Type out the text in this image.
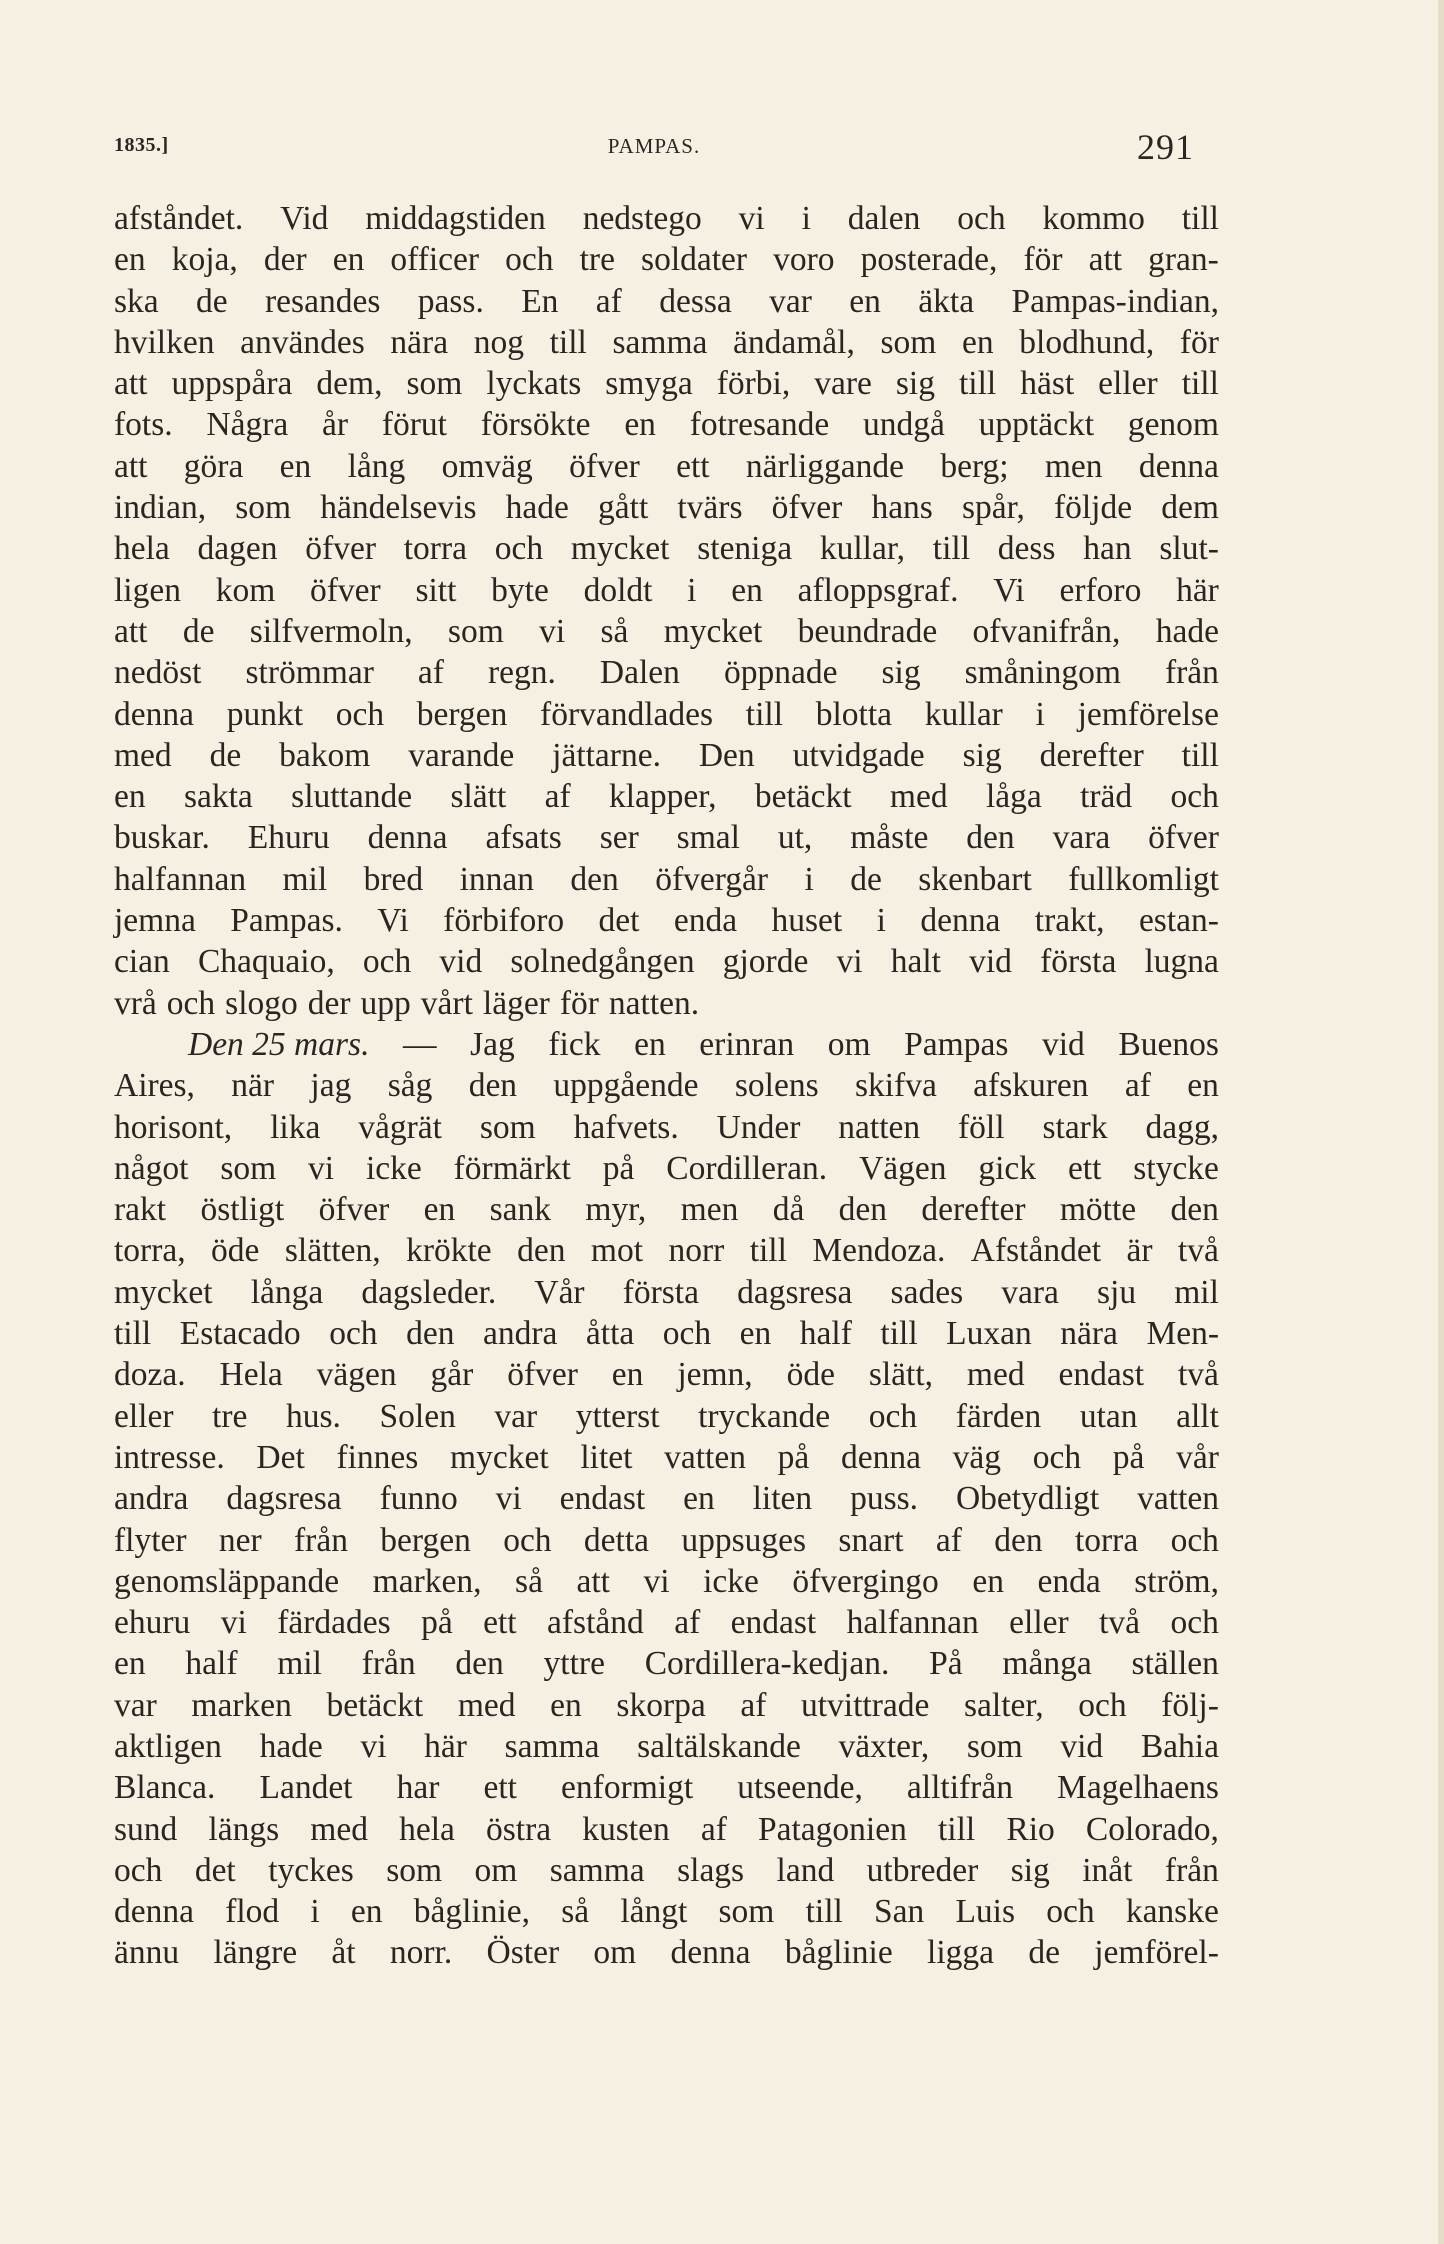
1835.]	PAMPAS.	291
afståndet. Vid middagstiden nedstego vi i dalen och kommo till
en koja, der en officer och tre soldater voro posterade, för att gran-
ska de resandes pass. En af dessa var en äkta Pampas-indian,
hvilken användes nära nog till samma ändamål, som en blodhund, för
att uppspåra dem, som lyckats smyga förbi, vare sig till häst eller till
fots. Några år förut försökte en fotresande undgå upptäckt genom
att göra en lång omväg öfver ett närliggande berg; men denna
indian, som händelsevis hade gått tvärs öfver hans spår, följde dem
hela dagen öfver torra och mycket steniga kullar, till dess han slut-
ligen kom öfver sitt byte doldt i en afloppsgraf. Vi erforo här
att de silfvermoln, som vi så mycket beundrade ofvanifrån, hade
nedöst strömmar af regn. Dalen öppnade sig småningom från
denna punkt och bergen förvandlades till blotta kullar i jemförelse
med de bakom varande jättarne. Den utvidgade sig derefter till
en sakta sluttande slätt af klapper, betäckt med låga träd och
buskar. Ehuru denna afsats ser smal ut, måste den vara öfver
halfannan mil bred innan den öfvergår i de skenbart fullkomligt
jemna Pampas. Vi förbiforo det enda huset i denna trakt, estan-
cian Chaquaio, och vid solnedgången gjorde vi halt vid första lugna
vrå och slogo der upp vårt läger för natten.
Den 25 mars. — Jag fick en erinran om Pampas vid Buenos
Aires, när jag såg den uppgående solens skifva afskuren af en
horisont, lika vågrät som hafvets. Under natten föll stark dagg,
något som vi icke förmärkt på Cordilleran. Vägen gick ett stycke
rakt östligt öfver en sank myr, men då den derefter mötte den
torra, öde slätten, krökte den mot norr till Mendoza. Afståndet är två
mycket långa dagsleder. Vår första dagsresa sades vara sju mil
till Estacado och den andra åtta och en half till Luxan nära Men-
doza. Hela vägen går öfver en jemn, öde slätt, med endast två
eller tre hus. Solen var ytterst tryckande och färden utan allt
intresse. Det finnes mycket litet vatten på denna väg och på vår
andra dagsresa funno vi endast en liten puss. Obetydligt vatten
flyter ner från bergen och detta uppsuges snart af den torra och
genomsläppande marken, så att vi icke öfvergingo en enda ström,
ehuru vi färdades på ett afstånd af endast halfannan eller två och
en half mil från den yttre Cordillera-kedjan. På många ställen
var marken betäckt med en skorpa af utvittrade salter, och följ-
aktligen hade vi här samma saltälskande växter, som vid Bahia
Blanca. Landet har ett enformigt utseende, alltifrån Magelhaens
sund längs med hela östra kusten af Patagonien till Rio Colorado,
och det tyckes som om samma slags land utbreder sig inåt från
denna flod i en båglinie, så långt som till San Luis och kanske
ännu längre åt norr. Öster om denna båglinie ligga de jemförel-
